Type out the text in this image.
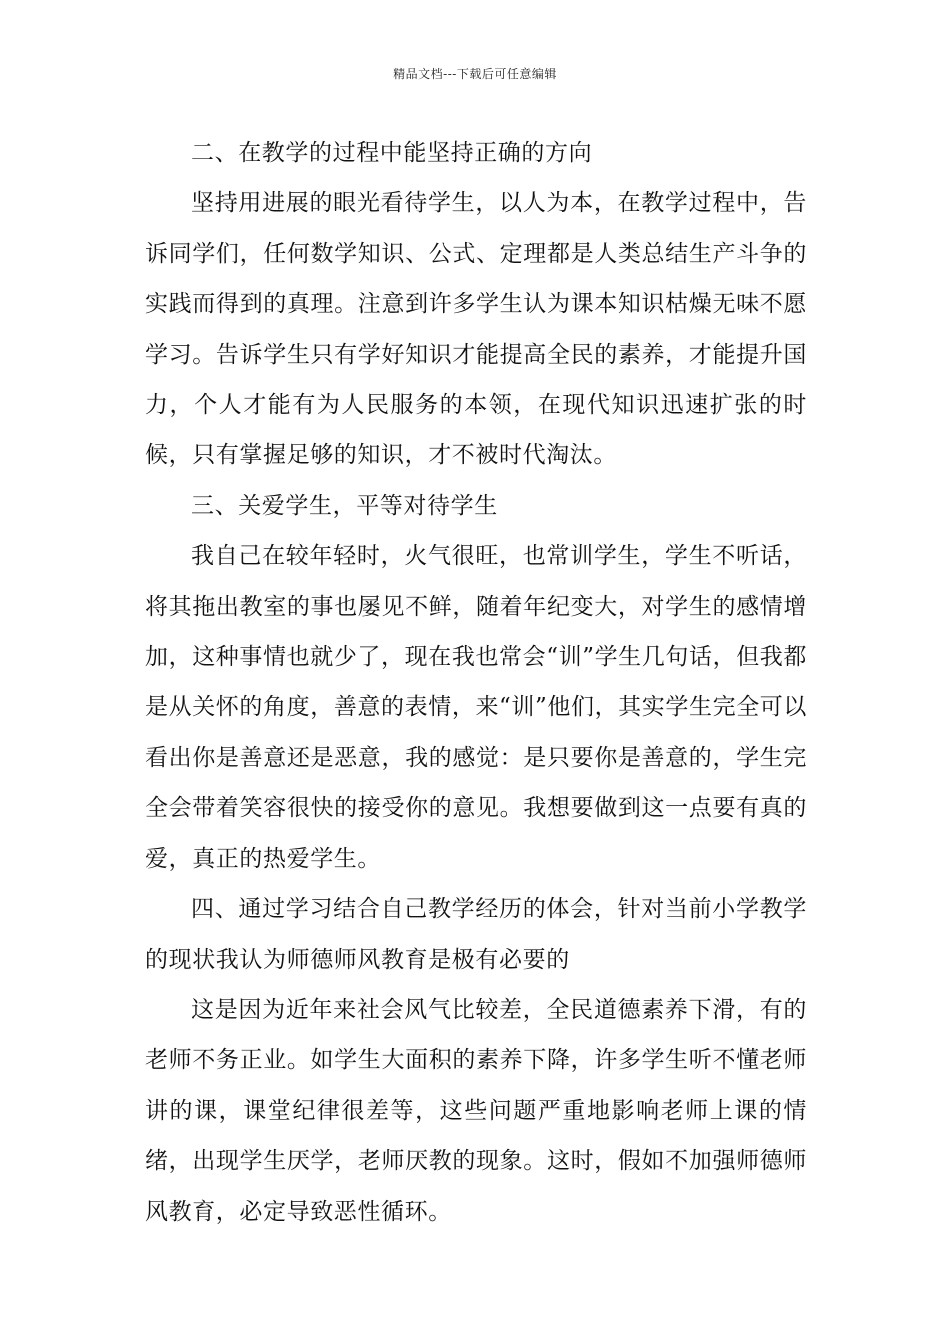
精品文档---下载后可任意编辑

二、在教学的过程中能坚持正确的方向

坚持用进展的眼光看待学生，以人为本，在教学过程中，告诉同学们，任何数学知识、公式、定理都是人类总结生产斗争的实践而得到的真理。注意到许多学生认为课本知识枯燥无味不愿学习。告诉学生只有学好知识才能提高全民的素养，才能提升国力，个人才能有为人民服务的本领，在现代知识迅速扩张的时候，只有掌握足够的知识，才不被时代淘汰。

三、关爱学生，平等对待学生

我自己在较年轻时，火气很旺，也常训学生，学生不听话，将其拖出教室的事也屡见不鲜，随着年纪变大，对学生的感情增加，这种事情也就少了，现在我也常会“训”学生几句话，但我都是从关怀的角度，善意的表情，来“训”他们，其实学生完全可以看出你是善意还是恶意，我的感觉：是只要你是善意的，学生完全会带着笑容很快的接受你的意见。我想要做到这一点要有真的爱，真正的热爱学生。

四、通过学习结合自己教学经历的体会，针对当前小学教学的现状我认为师德师风教育是极有必要的

这是因为近年来社会风气比较差，全民道德素养下滑，有的老师不务正业。如学生大面积的素养下降，许多学生听不懂老师讲的课，课堂纪律很差等，这些问题严重地影响老师上课的情绪，出现学生厌学，老师厌教的现象。这时，假如不加强师德师风教育，必定导致恶性循环。
